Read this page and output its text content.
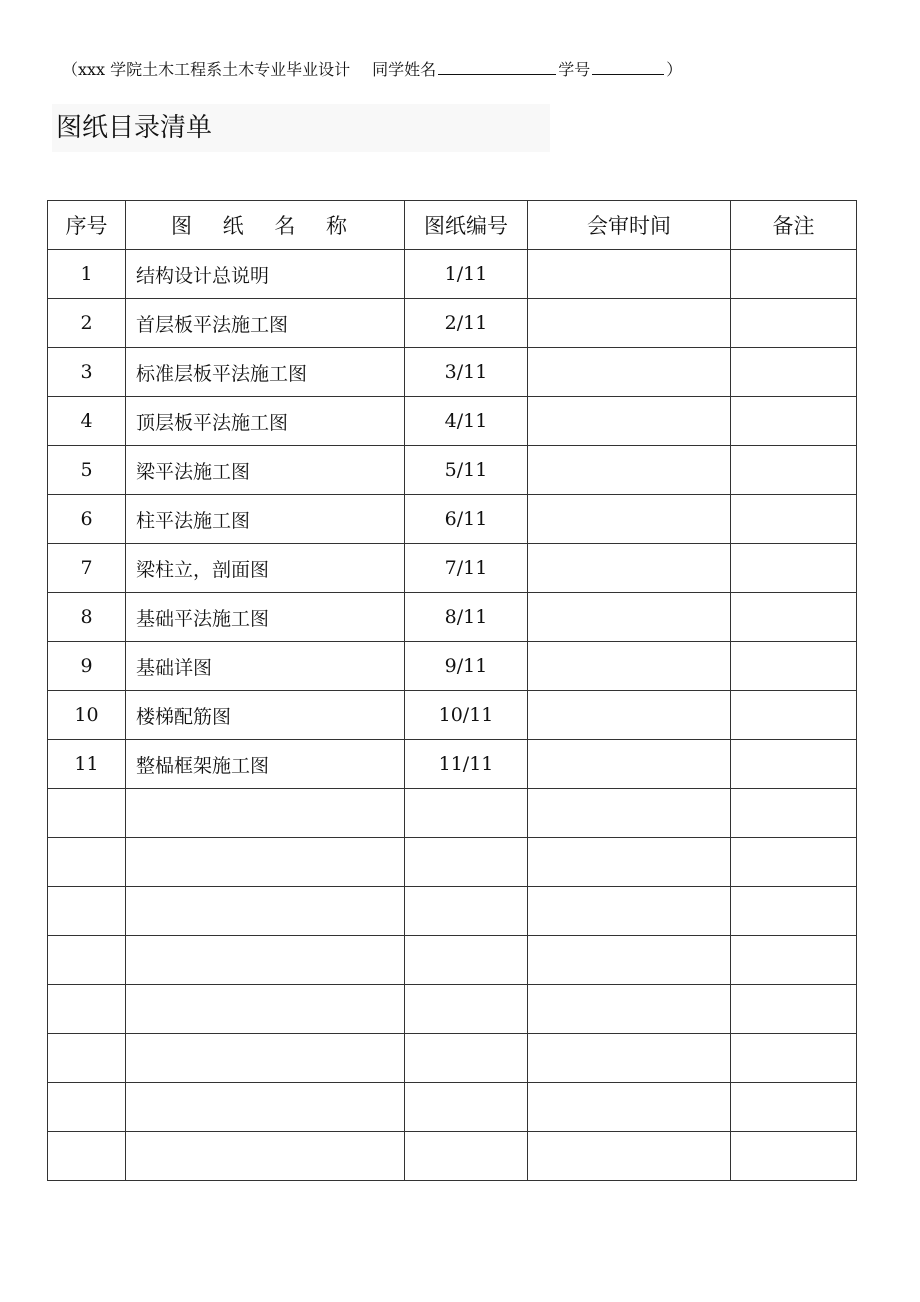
（xxx 学院土木工程系土木专业毕业设计 同学姓名	学号	）
图纸目录清单
序号	图 纸 名 称	图纸编号	会审时间	备注
1	结构设计总说明	1/11		
2	首层板平法施工图	2/11		
3	标准层板平法施工图	3/11		
4	顶层板平法施工图	4/11		
5	梁平法施工图	5/11		
6	柱平法施工图	6/11		
7	梁柱立，剖面图	7/11		
8	基础平法施工图	8/11		
9	基础详图	9/11		
10	楼梯配筋图	10/11		
11	整榀框架施工图	11/11		
